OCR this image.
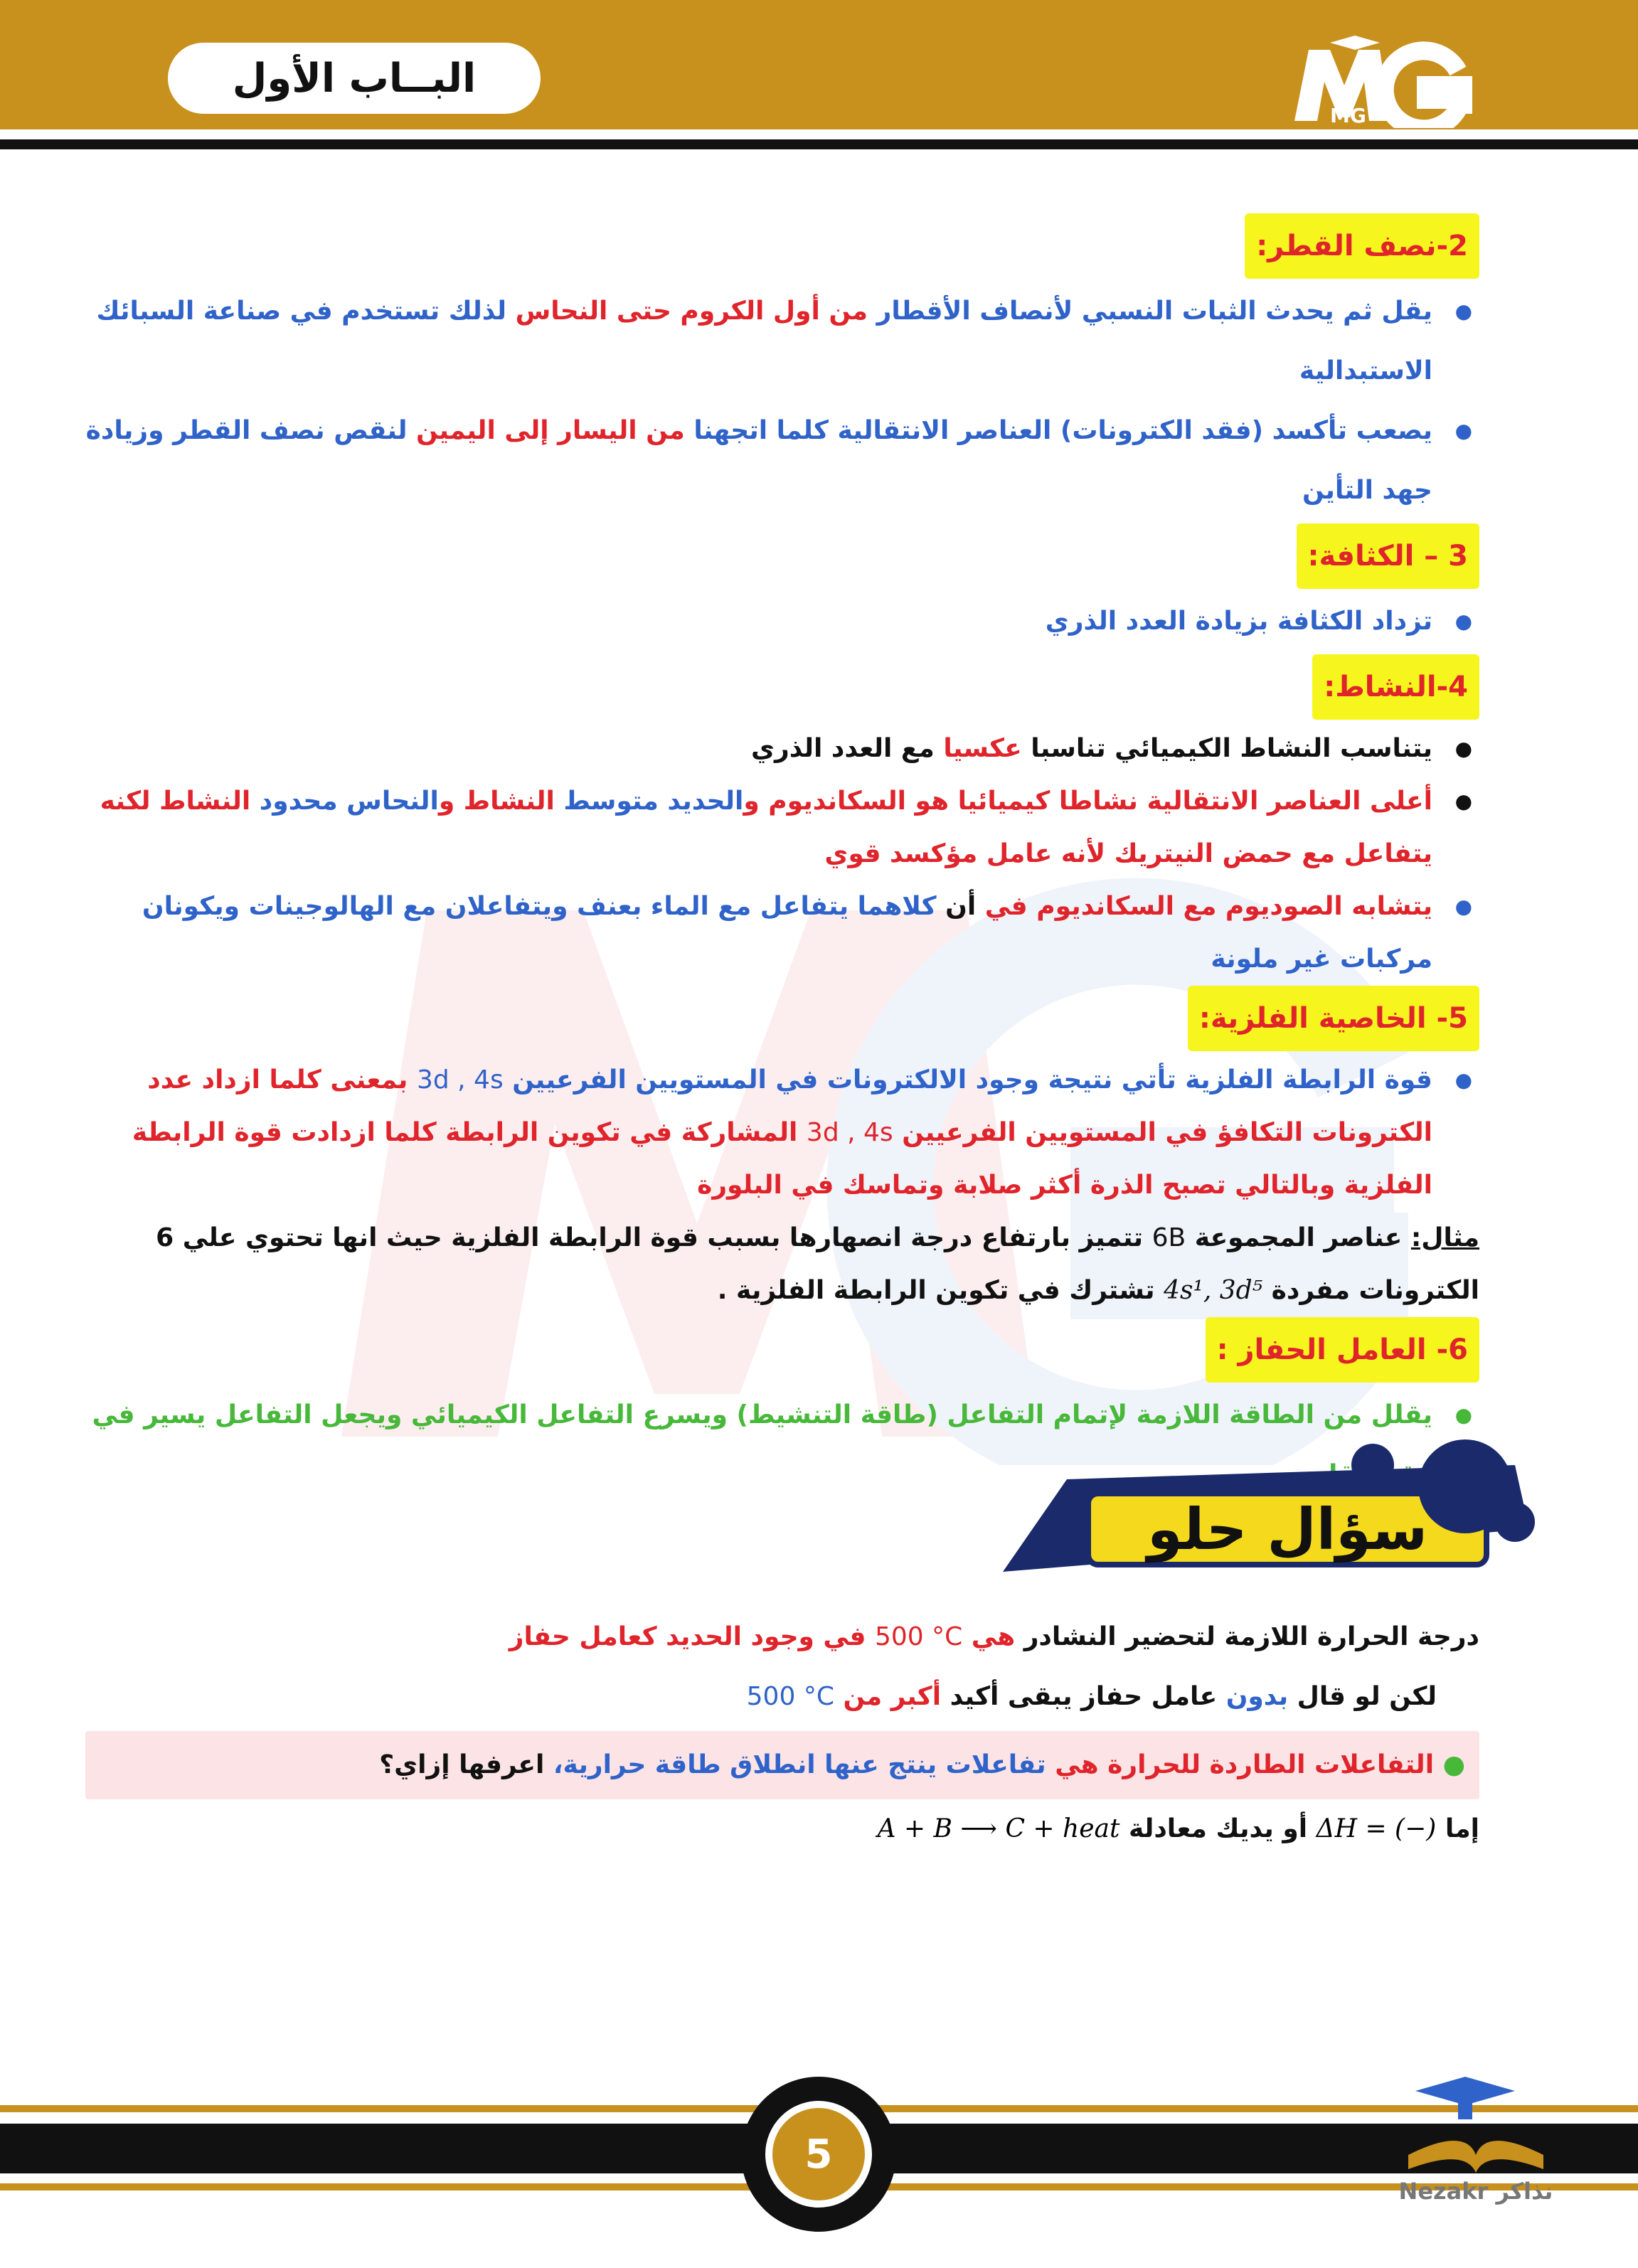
البــاب الأول
MG
2-نصف القطر:
● يقل ثم يحدث الثبات النسبي لأنصاف الأقطار من أول الكروم حتى النحاس لذلك تستخدم في صناعة السبائك الاستبدالية
● يصعب تأكسد (فقد الكترونات) العناصر الانتقالية كلما اتجهنا من اليسار إلى اليمين لنقص نصف القطر وزيادة جهد التأين
3 – الكثافة:
● تزداد الكثافة بزيادة العدد الذري
4-النشاط:
● يتناسب النشاط الكيميائي تناسبا عكسيا مع العدد الذري
● أعلى العناصر الانتقالية نشاطا كيميائيا هو السكانديوم والحديد متوسط النشاط والنحاس محدود النشاط لكنه يتفاعل مع حمض النيتريك لأنه عامل مؤكسد قوي
● يتشابه الصوديوم مع السكانديوم في أن كلاهما يتفاعل مع الماء بعنف ويتفاعلان مع الهالوجينات ويكونان مركبات غير ملونة
5- الخاصية الفلزية:
● قوة الرابطة الفلزية تأتي نتيجة وجود الالكترونات في المستويين الفرعيين 3d , 4s بمعنى كلما ازداد عدد الكترونات التكافؤ في المستويين الفرعيين 3d , 4s المشاركة في تكوين الرابطة كلما ازدادت قوة الرابطة الفلزية وبالتالي تصبح الذرة أكثر صلابة وتماسك في البلورة
مثال: عناصر المجموعة 6B تتميز بارتفاع درجة انصهارها بسبب قوة الرابطة الفلزية حيث انها تحتوي علي 6 الكترونات مفردة 4s¹, 3d⁵ تشترك في تكوين الرابطة الفلزية .
6- العامل الحفاز :
● يقلل من الطاقة اللازمة لإتمام التفاعل (طاقة التنشيط) ويسرع التفاعل الكيميائي ويجعل التفاعل يسير في
سؤال حلو
درجة الحرارة اللازمة لتحضير النشادر هي 500 °C في وجود الحديد كعامل حفاز
لكن لو قال بدون عامل حفاز يبقى أكيد أكبر من 500 °C
● التفاعلات الطاردة للحرارة هي تفاعلات ينتج عنها انطلاق طاقة حرارية، اعرفها إزاي؟
إما ΔH = (−) أو يديك معادلة A + B ⟶ C + heat
5
Nezakr نذاكر
